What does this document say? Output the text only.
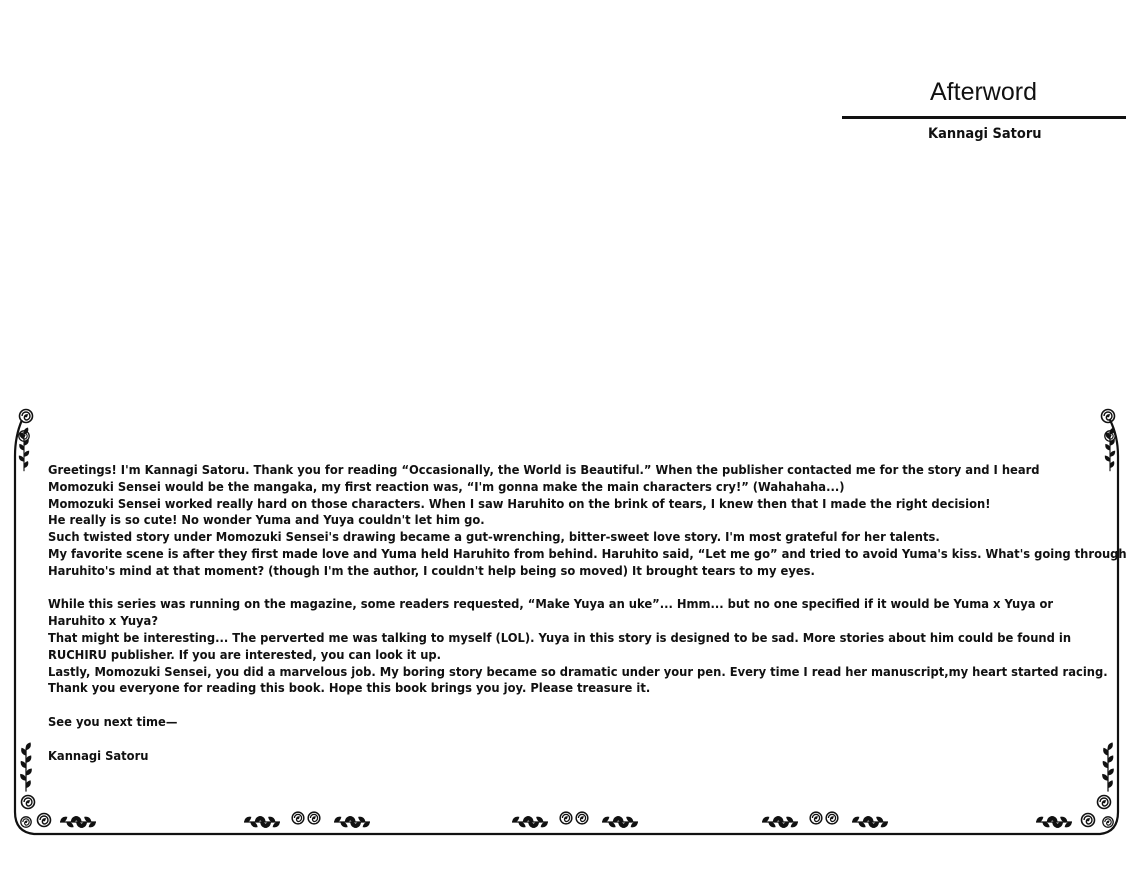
Afterword
Kannagi Satoru
Greetings! I'm Kannagi Satoru. Thank you for reading “Occasionally, the World is Beautiful.” When the publisher contacted me for the story and I heard
Momozuki Sensei would be the mangaka, my first reaction was, “I'm gonna make the main characters cry!” (Wahahaha...)
Momozuki Sensei worked really hard on those characters. When I saw Haruhito on the brink of tears, I knew then that I made the right decision!
He really is so cute! No wonder Yuma and Yuya couldn't let him go.
Such twisted story under Momozuki Sensei's drawing became a gut-wrenching, bitter-sweet love story. I'm most grateful for her talents.
My favorite scene is after they first made love and Yuma held Haruhito from behind. Haruhito said, “Let me go” and tried to avoid Yuma's kiss. What's going through
Haruhito's mind at that moment? (though I'm the author, I couldn't help being so moved) It brought tears to my eyes.
While this series was running on the magazine, some readers requested, “Make Yuya an uke”... Hmm... but no one specified if it would be Yuma x Yuya or
Haruhito x Yuya?
That might be interesting... The perverted me was talking to myself (LOL). Yuya in this story is designed to be sad. More stories about him could be found in
RUCHIRU publisher. If you are interested, you can look it up.
Lastly, Momozuki Sensei, you did a marvelous job. My boring story became so dramatic under your pen. Every time I read her manuscript,my heart started racing.
Thank you everyone for reading this book. Hope this book brings you joy. Please treasure it.
See you next time—
Kannagi Satoru
